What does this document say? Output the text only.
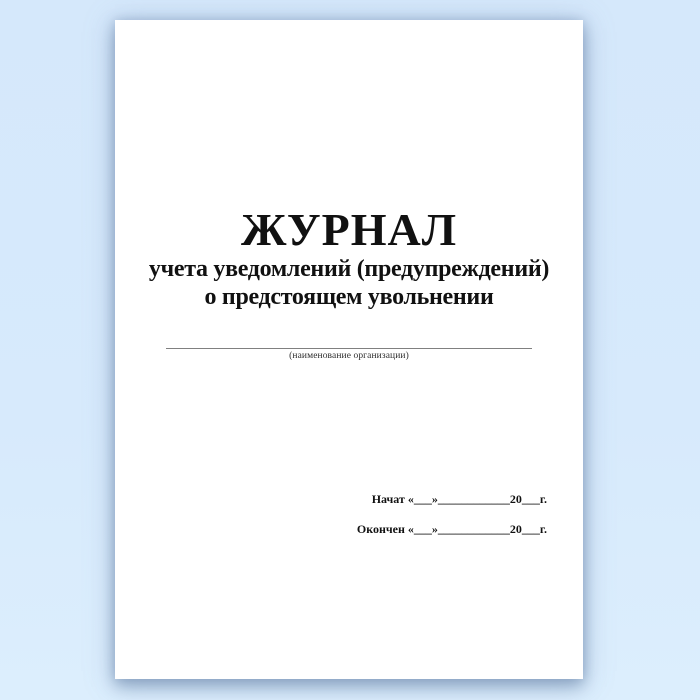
ЖУРНАЛ
учета уведомлений (предупреждений)
о предстоящем увольнении
(наименование организации)
Начат «___»____________20___г.
Окончен «___»____________20___г.
